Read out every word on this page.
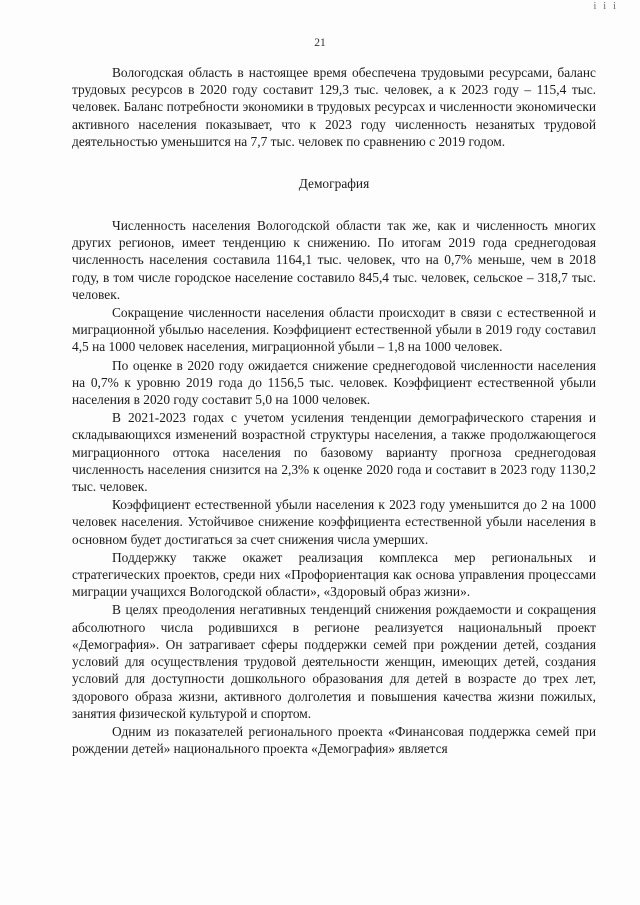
i i i
21

Вологодская область в настоящее время обеспечена трудовыми ресурсами, баланс трудовых ресурсов в 2020 году составит 129,3 тыс. человек, а к 2023 году – 115,4 тыс. человек. Баланс потребности экономики в трудовых ресурсах и численности экономически активного населения показывает, что к 2023 году численность незанятых трудовой деятельностью уменьшится на 7,7 тыс. человек по сравнению с 2019 годом.

Демография

Численность населения Вологодской области так же, как и численность многих других регионов, имеет тенденцию к снижению. По итогам 2019 года среднегодовая численность населения составила 1164,1 тыс. человек, что на 0,7% меньше, чем в 2018 году, в том числе городское население составило 845,4 тыс. человек, сельское – 318,7 тыс. человек.

Сокращение численности населения области происходит в связи с естественной и миграционной убылью населения. Коэффициент естественной убыли в 2019 году составил 4,5 на 1000 человек населения, миграционной убыли – 1,8 на 1000 человек.

По оценке в 2020 году ожидается снижение среднегодовой численности населения на 0,7% к уровню 2019 года до 1156,5 тыс. человек. Коэффициент естественной убыли населения в 2020 году составит 5,0 на 1000 человек.

В 2021-2023 годах с учетом усиления тенденции демографического старения и складывающихся изменений возрастной структуры населения, а также продолжающегося миграционного оттока населения по базовому варианту прогноза среднегодовая численность населения снизится на 2,3% к оценке 2020 года и составит в 2023 году 1130,2 тыс. человек.

Коэффициент естественной убыли населения к 2023 году уменьшится до 2 на 1000 человек населения. Устойчивое снижение коэффициента естественной убыли населения в основном будет достигаться за счет снижения числа умерших.

Поддержку также окажет реализация комплекса мер региональных и стратегических проектов, среди них «Профориентация как основа управления процессами миграции учащихся Вологодской области», «Здоровый образ жизни».

В целях преодоления негативных тенденций снижения рождаемости и сокращения абсолютного числа родившихся в регионе реализуется национальный проект «Демография». Он затрагивает сферы поддержки семей при рождении детей, создания условий для осуществления трудовой деятельности женщин, имеющих детей, создания условий для доступности дошкольного образования для детей в возрасте до трех лет, здорового образа жизни, активного долголетия и повышения качества жизни пожилых, занятия физической культурой и спортом.

Одним из показателей регионального проекта «Финансовая поддержка семей при рождении детей» национального проекта «Демография» является
